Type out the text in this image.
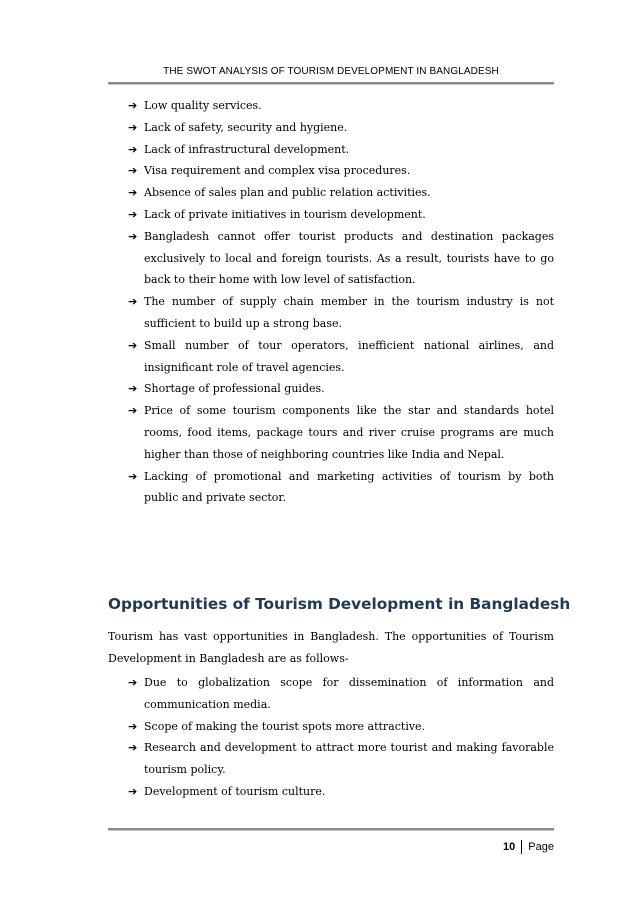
THE SWOT ANALYSIS OF TOURISM DEVELOPMENT IN BANGLADESH
➔ Low quality services.
➔ Lack of safety, security and hygiene.
➔ Lack of infrastructural development.
➔ Visa requirement and complex visa procedures.
➔ Absence of sales plan and public relation activities.
➔ Lack of private initiatives in tourism development.
➔ Bangladesh cannot offer tourist products and destination packages exclusively to local and foreign tourists. As a result, tourists have to go back to their home with low level of satisfaction.
➔ The number of supply chain member in the tourism industry is not sufficient to build up a strong base.
➔ Small number of tour operators, inefficient national airlines, and insignificant role of travel agencies.
➔ Shortage of professional guides.
➔ Price of some tourism components like the star and standards hotel rooms, food items, package tours and river cruise programs are much higher than those of neighboring countries like India and Nepal.
➔ Lacking of promotional and marketing activities of tourism by both public and private sector.
Opportunities of Tourism Development in Bangladesh

Tourism has vast opportunities in Bangladesh. The opportunities of Tourism Development in Bangladesh are as follows-

➔ Due to globalization scope for dissemination of information and communication media.
➔ Scope of making the tourist spots more attractive.
➔ Research and development to attract more tourist and making favorable tourism policy.
➔ Development of tourism culture.
10	Page
